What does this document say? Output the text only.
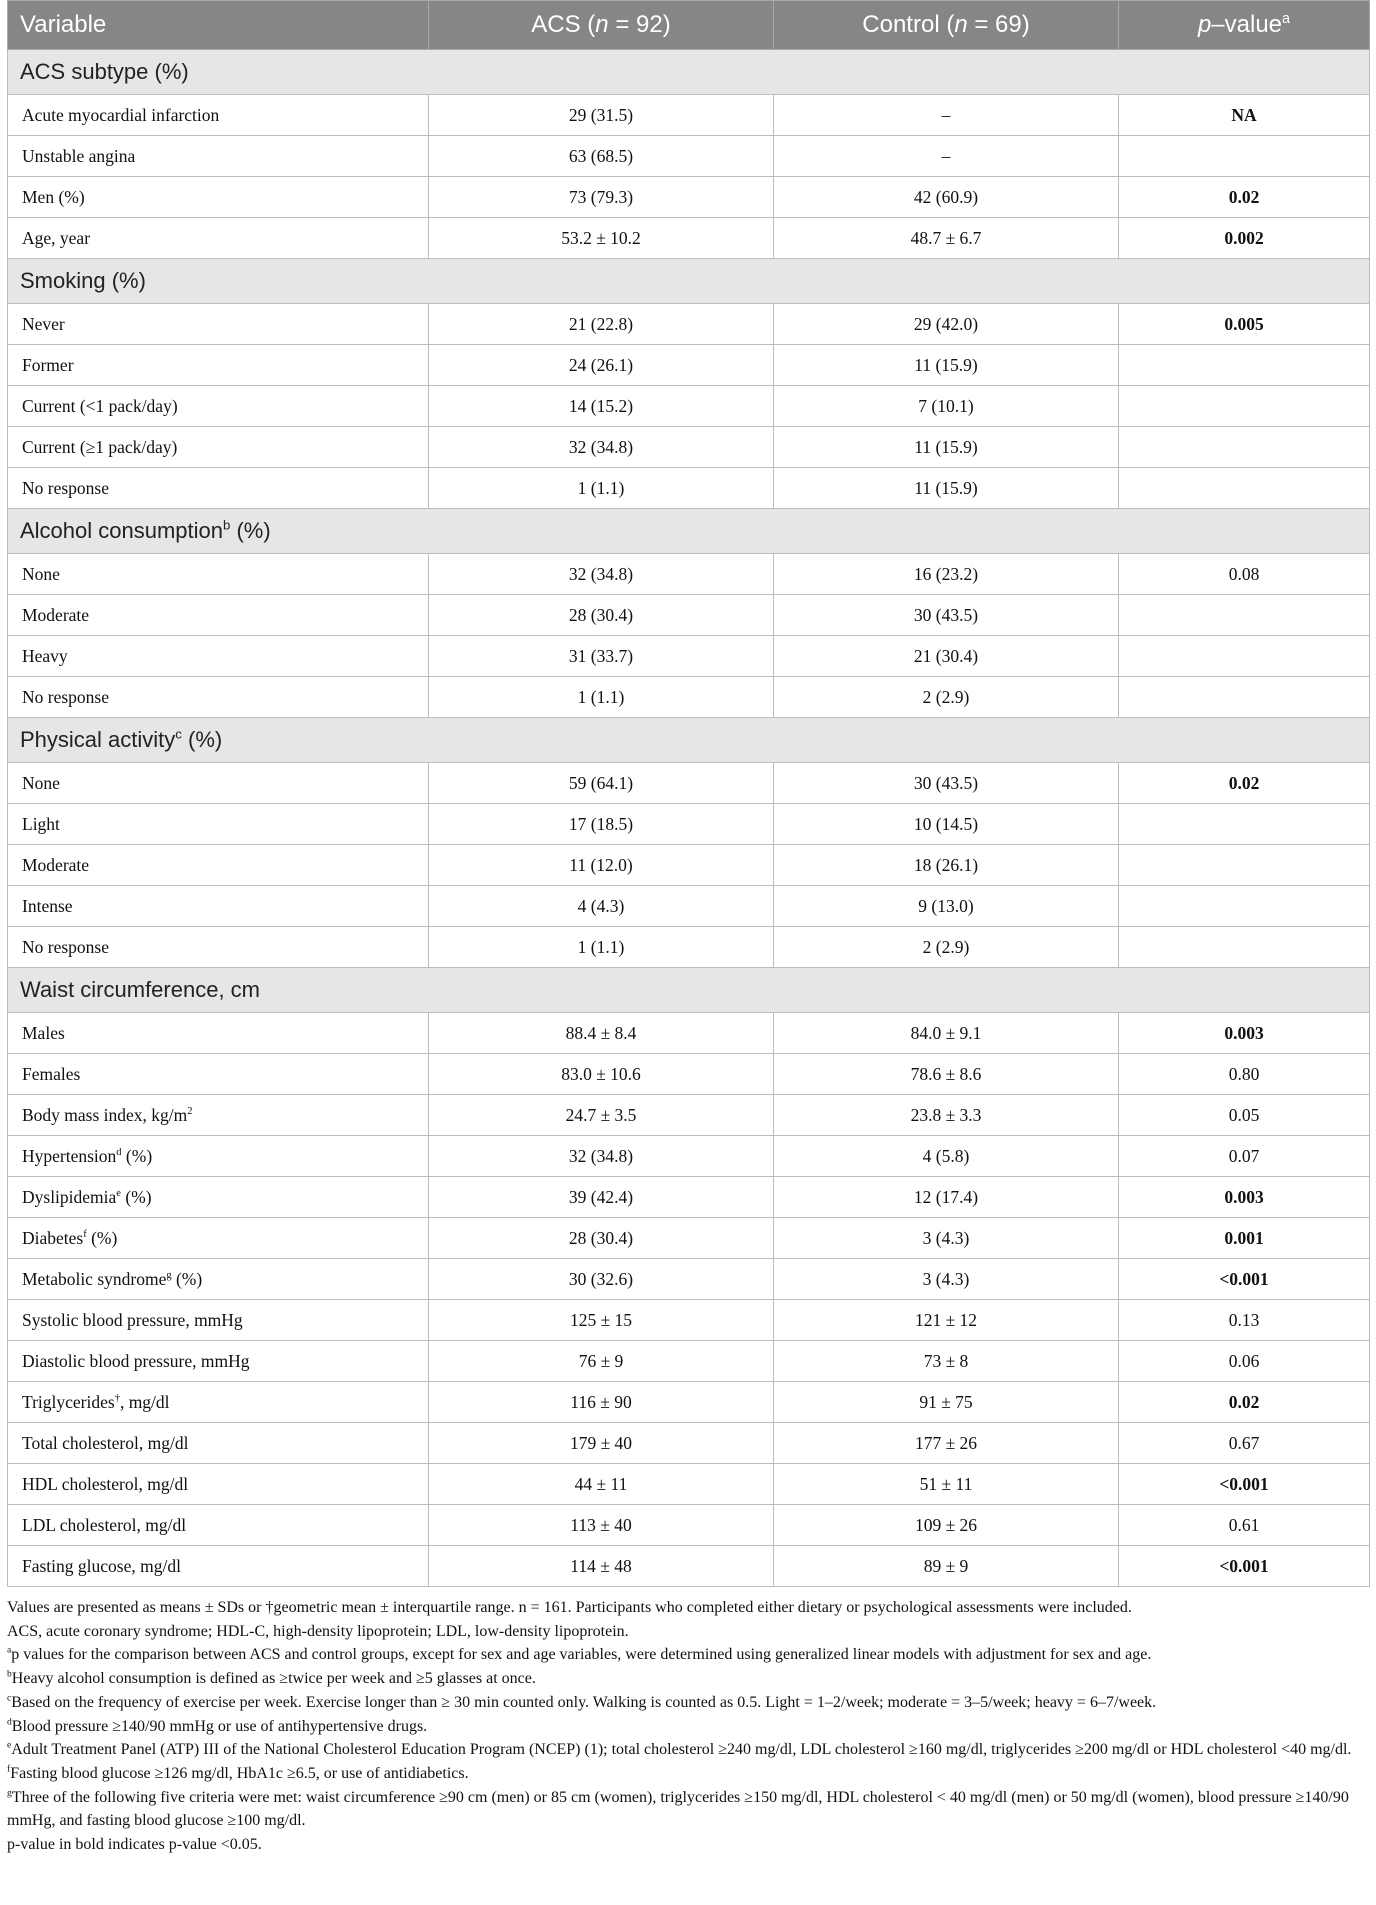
Variable	ACS (n = 92)	Control (n = 69)	p–value$^a$
ACS subtype (%)			
Acute myocardial infarction	29 (31.5)	–	NA
Unstable angina	63 (68.5)	–	
Men (%)	73 (79.3)	42 (60.9)	0.02
Age, year	53.2 ± 10.2	48.7 ± 6.7	0.002
Smoking (%)			
Never	21 (22.8)	29 (42.0)	0.005
Former	24 (26.1)	11 (15.9)	
Current (<1 pack/day)	14 (15.2)	7 (10.1)	
Current (≥1 pack/day)	32 (34.8)	11 (15.9)	
No response	1 (1.1)	11 (15.9)	
Alcohol consumption$^b$ (%)			
None	32 (34.8)	16 (23.2)	0.08
Moderate	28 (30.4)	30 (43.5)	
Heavy	31 (33.7)	21 (30.4)	
No response	1 (1.1)	2 (2.9)	
Physical activity$^c$ (%)			
None	59 (64.1)	30 (43.5)	0.02
Light	17 (18.5)	10 (14.5)	
Moderate	11 (12.0)	18 (26.1)	
Intense	4 (4.3)	9 (13.0)	
No response	1 (1.1)	2 (2.9)	
Waist circumference, cm			
Males	88.4 ± 8.4	84.0 ± 9.1	0.003
Females	83.0 ± 10.6	78.6 ± 8.6	0.80
Body mass index, $kg/m^2$	24.7 ± 3.5	23.8 ± 3.3	0.05
Hypertension$^d$ (%)	32 (34.8)	4 (5.8)	0.07
Dyslipidemia$^e$ (%)	39 (42.4)	12 (17.4)	0.003
Diabetes$^f$ (%)	28 (30.4)	3 (4.3)	0.001
Metabolic syndrome$^g$ (%)	30 (32.6)	3 (4.3)	<0.001
Systolic blood pressure, mmHg	125 ± 15	121 ± 12	0.13
Diastolic blood pressure, mmHg	76 ± 9	73 ± 8	0.06
Triglycerides†, mg/dl	116 ± 90	91 ± 75	0.02
Total cholesterol, mg/dl	179 ± 40	177 ± 26	0.67
HDL cholesterol, mg/dl	44 ± 11	51 ± 11	<0.001
LDL cholesterol, mg/dl	113 ± 40	109 ± 26	0.61
Fasting glucose, mg/dl	114 ± 48	89 ± 9	<0.001
Values are presented as means ± SDs or †geometric mean ± interquartile range. n = 161. Participants who completed either dietary or psychological assessments were included.
ACS, acute coronary syndrome; HDL-C, high-density lipoprotein; LDL, low-density lipoprotein.
$^a$p values for the comparison between ACS and control groups, except for sex and age variables, were determined using generalized linear models with adjustment for sex and age.
$^b$Heavy alcohol consumption is defined as ≥twice per week and ≥5 glasses at once.
$^c$Based on the frequency of exercise per week. Exercise longer than ≥ 30 min counted only. Walking is counted as 0.5. Light = 1–2/week; moderate = 3–5/week; heavy = 6–7/week.
$^d$Blood pressure ≥140/90 mmHg or use of antihypertensive drugs.
$^e$Adult Treatment Panel (ATP) III of the National Cholesterol Education Program (NCEP) (1); total cholesterol ≥240 mg/dl, LDL cholesterol ≥160 mg/dl, triglycerides ≥200 mg/dl or HDL cholesterol <40 mg/dl.
$^f$Fasting blood glucose ≥126 mg/dl, HbA1c ≥6.5, or use of antidiabetics.
$^g$Three of the following five criteria were met: waist circumference ≥90 cm (men) or 85 cm (women), triglycerides ≥150 mg/dl, HDL cholesterol < 40 mg/dl (men) or 50 mg/dl (women), blood pressure ≥140/90 mmHg, and fasting blood glucose ≥100 mg/dl.
p-value in bold indicates p-value <0.05.
